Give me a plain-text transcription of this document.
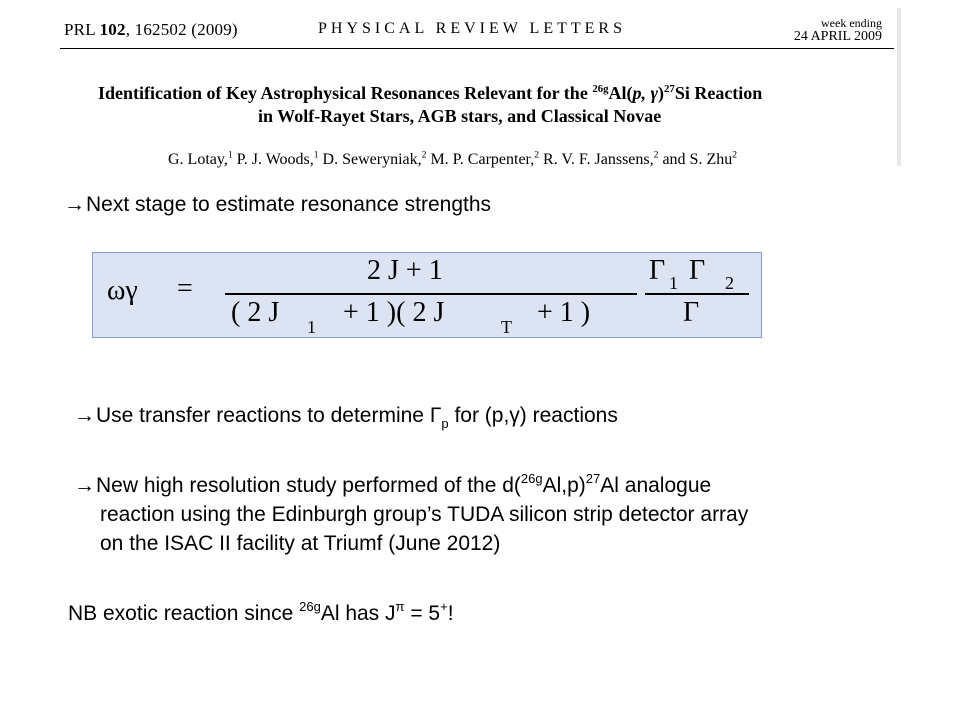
PRL 102, 162502 (2009)	PHYSICAL REVIEW LETTERS	week ending
24 APRIL 2009
Identification of Key Astrophysical Resonances Relevant for the $^{26g}$Al(p, γ)$^{27}$Si Reaction
in Wolf-Rayet Stars, AGB stars, and Classical Novae
G. Lotay,$^1$ P. J. Woods,$^1$ D. Seweryniak,$^2$ M. P. Carpenter,$^2$ R. V. F. Janssens,$^2$ and S. Zhu$^2$
→Next stage to estimate resonance strengths
ωγ =
2 J + 1
( 2 J 1 + 1 )( 2 J	T + 1 )
Γ 1 Γ 2
Γ
→Use transfer reactions to determine $\Gamma_p$ for (p,γ) reactions
→New high resolution study performed of the $d(^{26g}Al,p)^{27}Al$ analogue
reaction using the Edinburgh group’s TUDA silicon strip detector array
on the ISAC II facility at Triumf (June 2012)
NB exotic reaction since $^{26g}$Al has $J^\pi = 5^+$!
